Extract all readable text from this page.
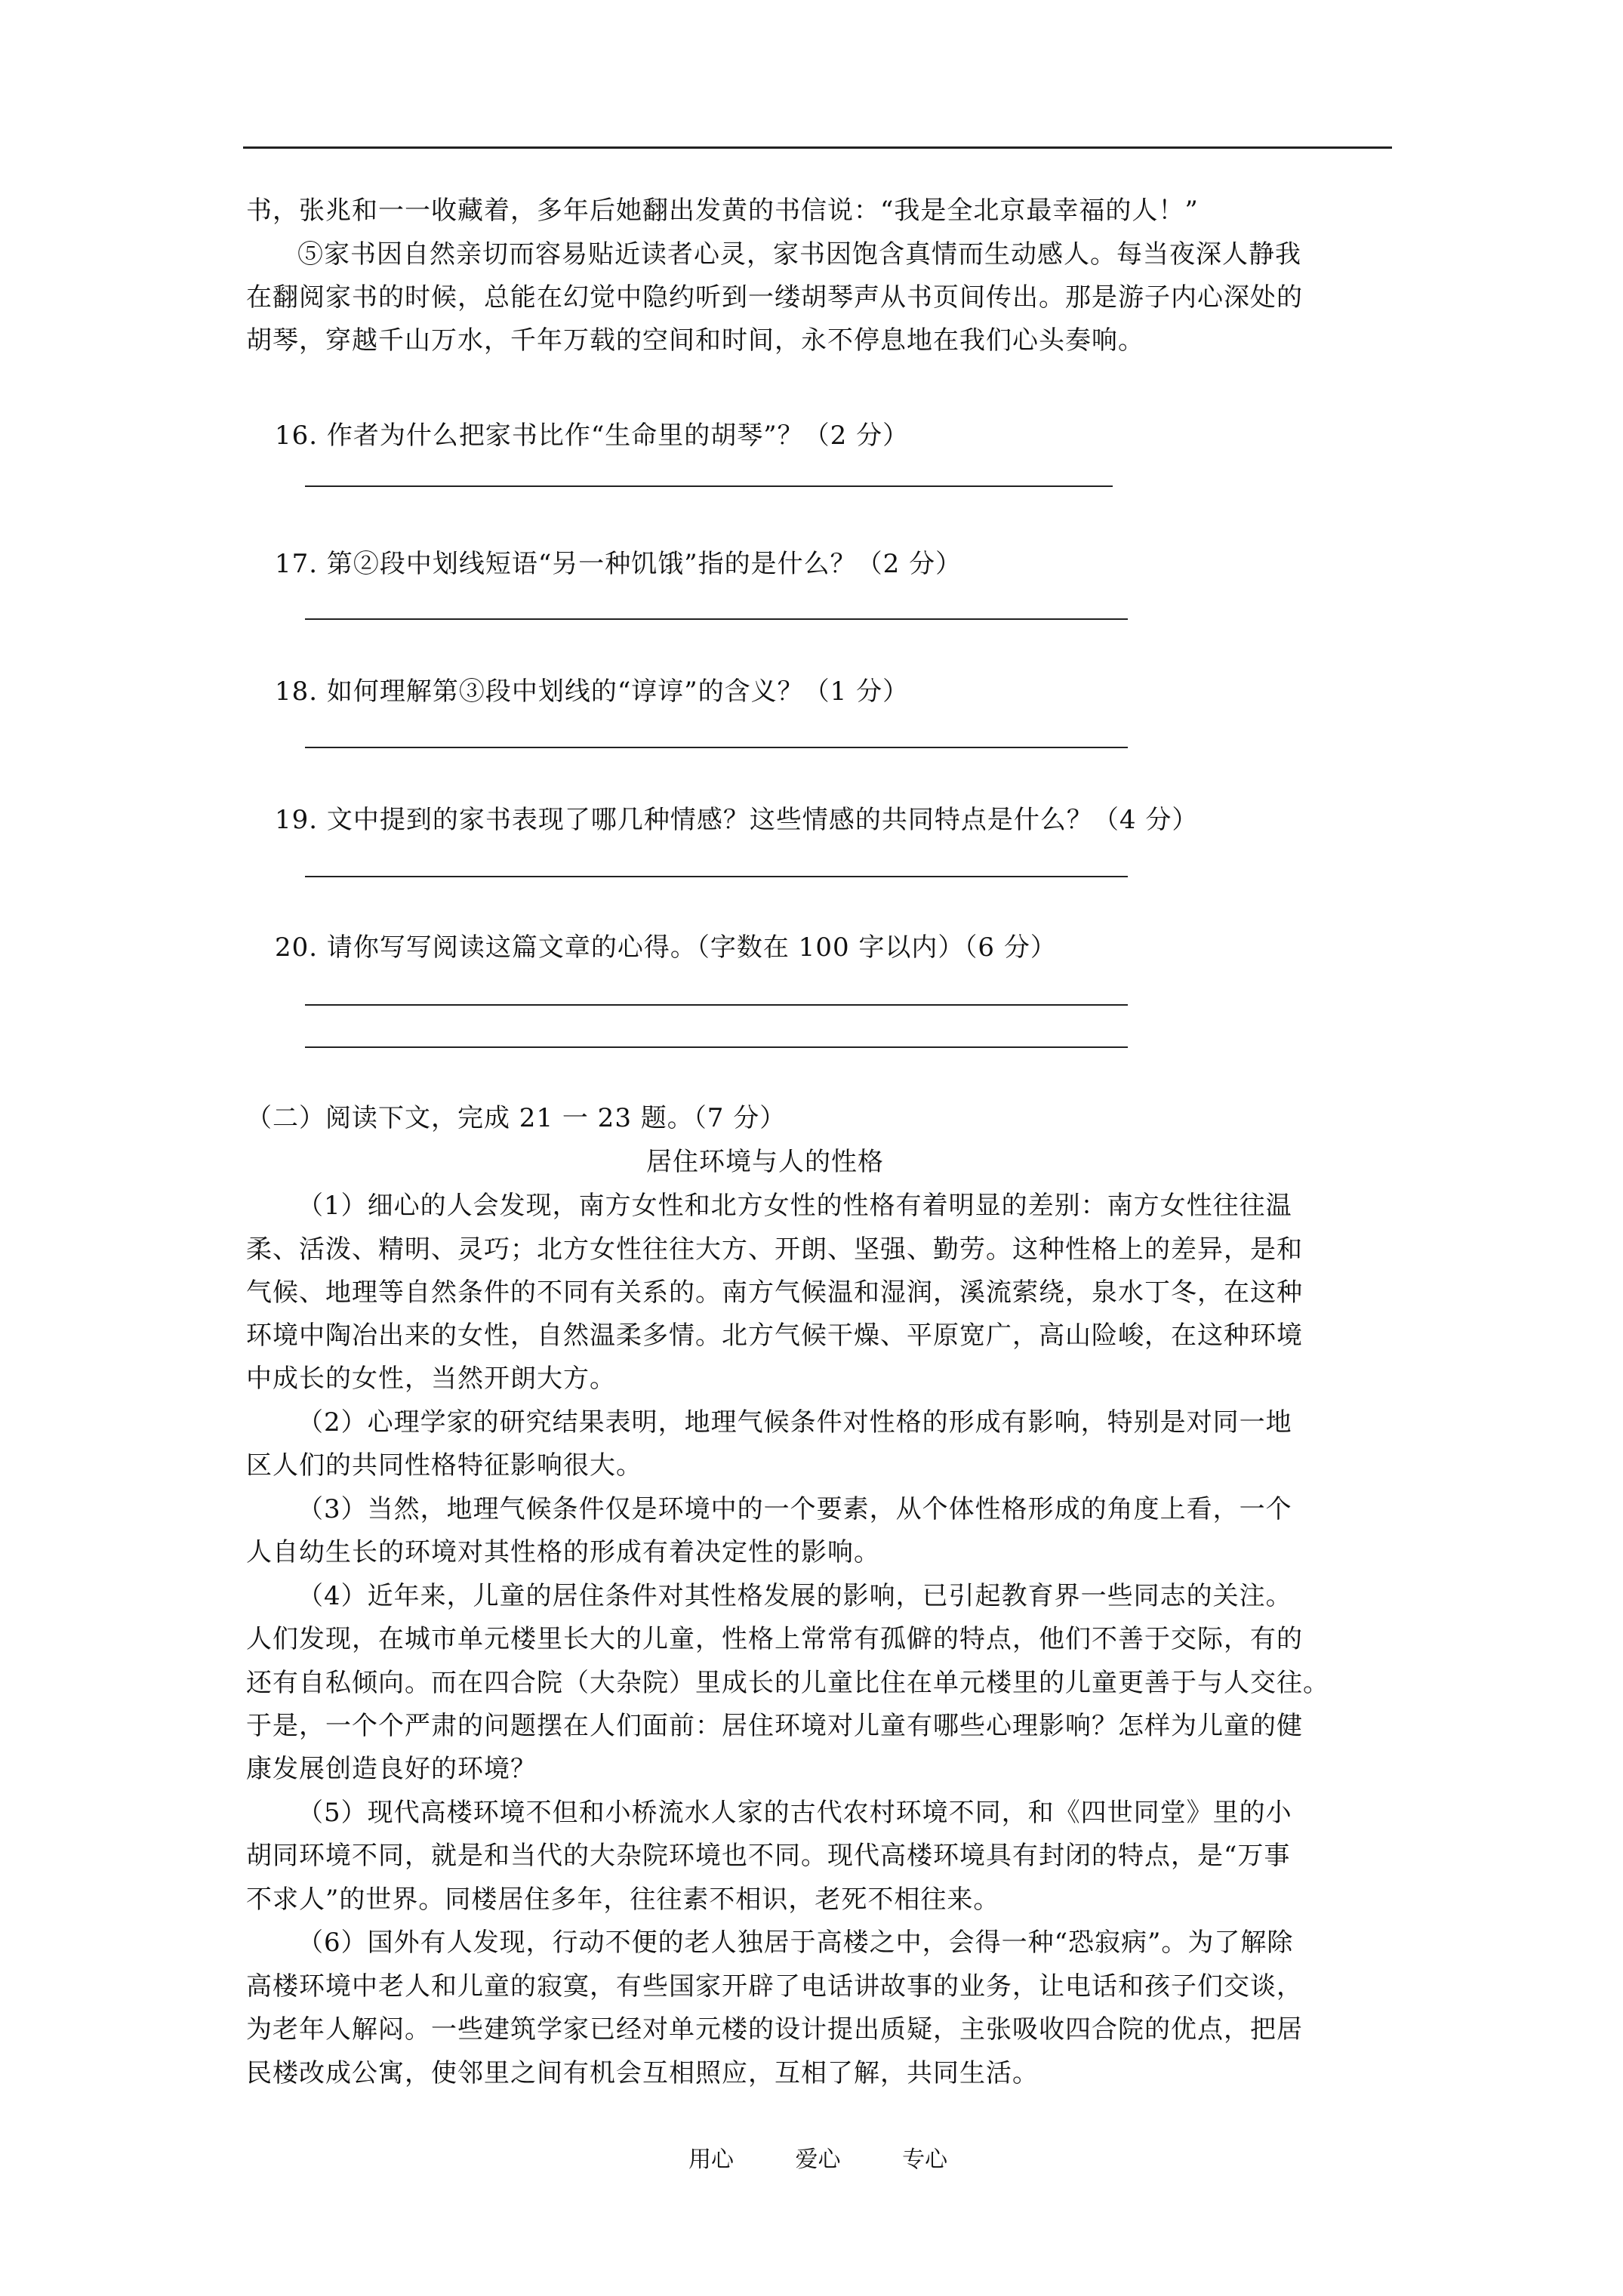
书，张兆和一一收藏着，多年后她翻出发黄的书信说：“我是全北京最幸福的人！”
⑤家书因自然亲切而容易贴近读者心灵，家书因饱含真情而生动感人。每当夜深人静我
在翻阅家书的时候，总能在幻觉中隐约听到一缕胡琴声从书页间传出。那是游子内心深处的
胡琴，穿越千山万水，千年万载的空间和时间，永不停息地在我们心头奏响。
16. 作者为什么把家书比作“生命里的胡琴”？（2 分）
17. 第②段中划线短语“另一种饥饿”指的是什么？（2 分）
18. 如何理解第③段中划线的“谆谆”的含义？（1 分）
19. 文中提到的家书表现了哪几种情感？这些情感的共同特点是什么？（4 分）
20. 请你写写阅读这篇文章的心得。（字数在 100 字以内）（6 分）
（二）阅读下文，完成 21 一 23 题。（7 分）
居住环境与人的性格
（1）细心的人会发现，南方女性和北方女性的性格有着明显的差别：南方女性往往温
柔、活泼、精明、灵巧；北方女性往往大方、开朗、坚强、勤劳。这种性格上的差异，是和
气候、地理等自然条件的不同有关系的。南方气候温和湿润，溪流萦绕，泉水丁冬，在这种
环境中陶冶出来的女性，自然温柔多情。北方气候干燥、平原宽广，高山险峻，在这种环境
中成长的女性，当然开朗大方。
（2）心理学家的研究结果表明，地理气候条件对性格的形成有影响，特别是对同一地
区人们的共同性格特征影响很大。
（3）当然，地理气候条件仅是环境中的一个要素，从个体性格形成的角度上看，一个
人自幼生长的环境对其性格的形成有着决定性的影响。
（4）近年来，儿童的居住条件对其性格发展的影响，已引起教育界一些同志的关注。
人们发现，在城市单元楼里长大的儿童，性格上常常有孤僻的特点，他们不善于交际，有的
还有自私倾向。而在四合院（大杂院）里成长的儿童比住在单元楼里的儿童更善于与人交往。
于是，一个个严肃的问题摆在人们面前：居住环境对儿童有哪些心理影响？怎样为儿童的健
康发展创造良好的环境？
（5）现代高楼环境不但和小桥流水人家的古代农村环境不同，和《四世同堂》里的小
胡同环境不同，就是和当代的大杂院环境也不同。现代高楼环境具有封闭的特点，是“万事
不求人”的世界。同楼居住多年，往往素不相识，老死不相往来。
（6）国外有人发现，行动不便的老人独居于高楼之中，会得一种“恐寂病”。为了解除
高楼环境中老人和儿童的寂寞，有些国家开辟了电话讲故事的业务，让电话和孩子们交谈，
为老年人解闷。一些建筑学家已经对单元楼的设计提出质疑，主张吸收四合院的优点，把居
民楼改成公寓，使邻里之间有机会互相照应，互相了解，共同生活。
用心	爱心	专心
